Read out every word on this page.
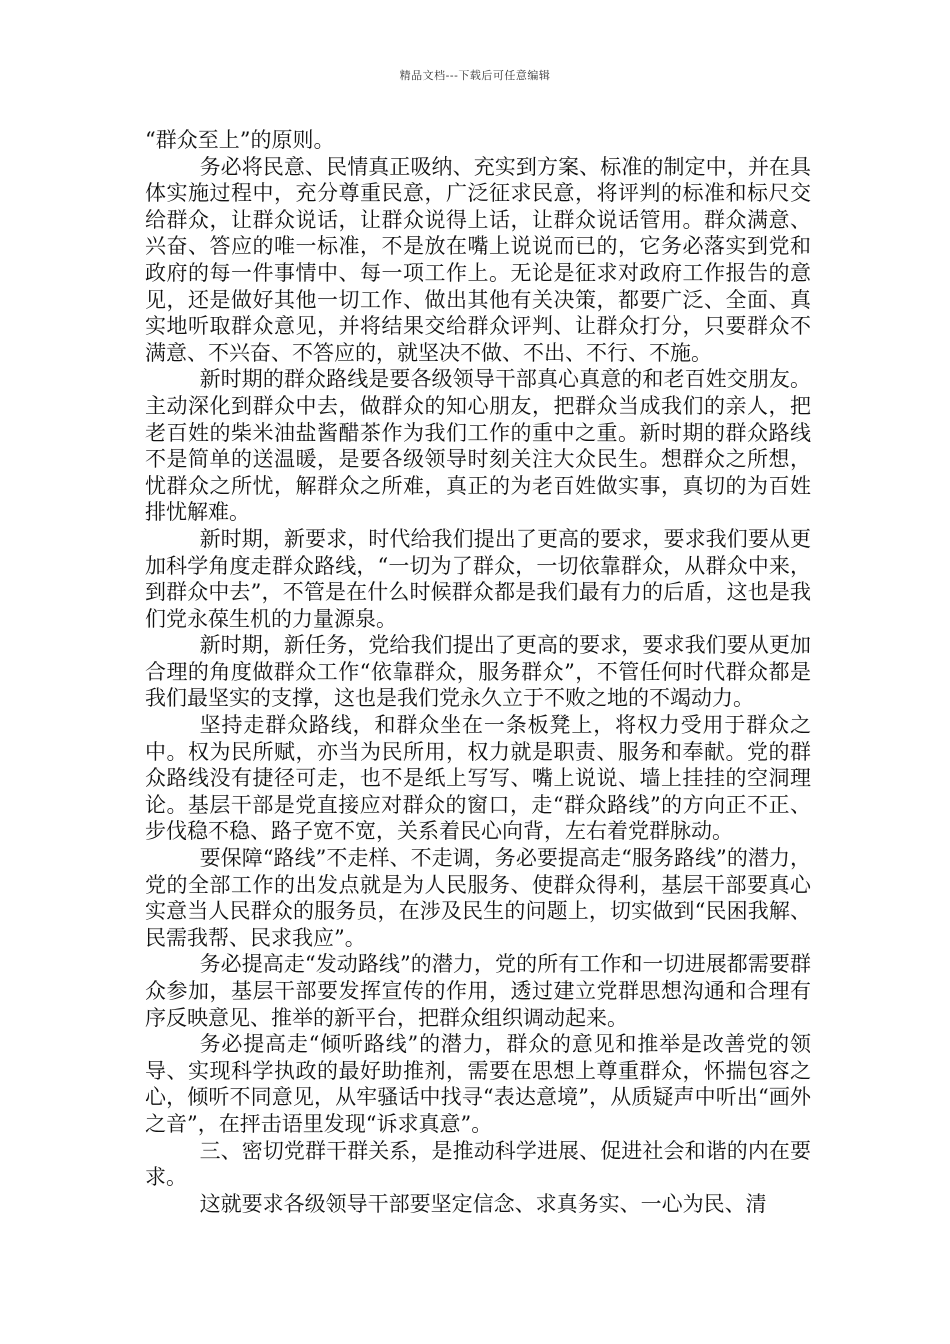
精品文档---下载后可任意编辑

“群众至上”的原则。

务必将民意、民情真正吸纳、充实到方案、标准的制定中，并在具体实施过程中，充分尊重民意，广泛征求民意，将评判的标准和标尺交给群众，让群众说话，让群众说得上话，让群众说话管用。群众满意、兴奋、答应的唯一标准，不是放在嘴上说说而已的，它务必落实到党和政府的每一件事情中、每一项工作上。无论是征求对政府工作报告的意见，还是做好其他一切工作、做出其他有关决策，都要广泛、全面、真实地听取群众意见，并将结果交给群众评判、让群众打分，只要群众不满意、不兴奋、不答应的，就坚决不做、不出、不行、不施。

新时期的群众路线是要各级领导干部真心真意的和老百姓交朋友。主动深化到群众中去，做群众的知心朋友，把群众当成我们的亲人，把老百姓的柴米油盐酱醋茶作为我们工作的重中之重。新时期的群众路线不是简单的送温暖，是要各级领导时刻关注大众民生。想群众之所想，忧群众之所忧，解群众之所难，真正的为老百姓做实事，真切的为百姓排忧解难。

新时期，新要求，时代给我们提出了更高的要求，要求我们要从更加科学角度走群众路线，“一切为了群众，一切依靠群众，从群众中来，到群众中去”，不管是在什么时候群众都是我们最有力的后盾，这也是我们党永葆生机的力量源泉。

新时期，新任务，党给我们提出了更高的要求，要求我们要从更加合理的角度做群众工作“依靠群众，服务群众”，不管任何时代群众都是我们最坚实的支撑，这也是我们党永久立于不败之地的不竭动力。

坚持走群众路线，和群众坐在一条板凳上，将权力受用于群众之中。权为民所赋，亦当为民所用，权力就是职责、服务和奉献。党的群众路线没有捷径可走，也不是纸上写写、嘴上说说、墙上挂挂的空洞理论。基层干部是党直接应对群众的窗口，走“群众路线”的方向正不正、步伐稳不稳、路子宽不宽，关系着民心向背，左右着党群脉动。

要保障“路线”不走样、不走调，务必要提高走“服务路线”的潜力，党的全部工作的出发点就是为人民服务、使群众得利，基层干部要真心实意当人民群众的服务员，在涉及民生的问题上，切实做到“民困我解、民需我帮、民求我应”。

务必提高走“发动路线”的潜力，党的所有工作和一切进展都需要群众参加，基层干部要发挥宣传的作用，透过建立党群思想沟通和合理有序反映意见、推举的新平台，把群众组织调动起来。

务必提高走“倾听路线”的潜力，群众的意见和推举是改善党的领导、实现科学执政的最好助推剂，需要在思想上尊重群众，怀揣包容之心，倾听不同意见，从牢骚话中找寻“表达意境”，从质疑声中听出“画外之音”，在抨击语里发现“诉求真意”。

三、密切党群干群关系，是推动科学进展、促进社会和谐的内在要求。

这就要求各级领导干部要坚定信念、求真务实、一心为民、清
